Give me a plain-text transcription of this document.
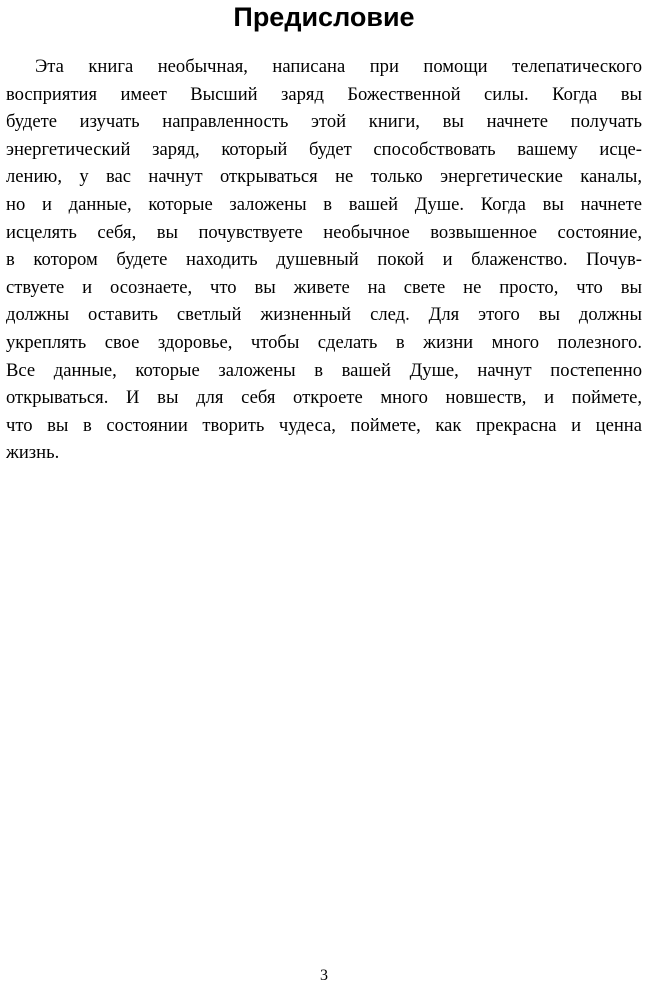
Предисловие
Эта книга необычная, написана при помощи телепатического
восприятия имеет Высший заряд Божественной силы. Когда вы
будете изучать направленность этой книги, вы начнете получать
энергетический заряд, который будет способствовать вашему исце-
лению, у вас начнут открываться не только энергетические каналы,
но и данные, которые заложены в вашей Душе. Когда вы начнете
исцелять себя, вы почувствуете необычное возвышенное состояние,
в котором будете находить душевный покой и блаженство. Почув-
ствуете и осознаете, что вы живете на свете не просто, что вы
должны оставить светлый жизненный след. Для этого вы должны
укреплять свое здоровье, чтобы сделать в жизни много полезного.
Все данные, которые заложены в вашей Душе, начнут постепенно
открываться. И вы для себя откроете много новшеств, и поймете,
что вы в состоянии творить чудеса, поймете, как прекрасна и ценна
жизнь.
3
